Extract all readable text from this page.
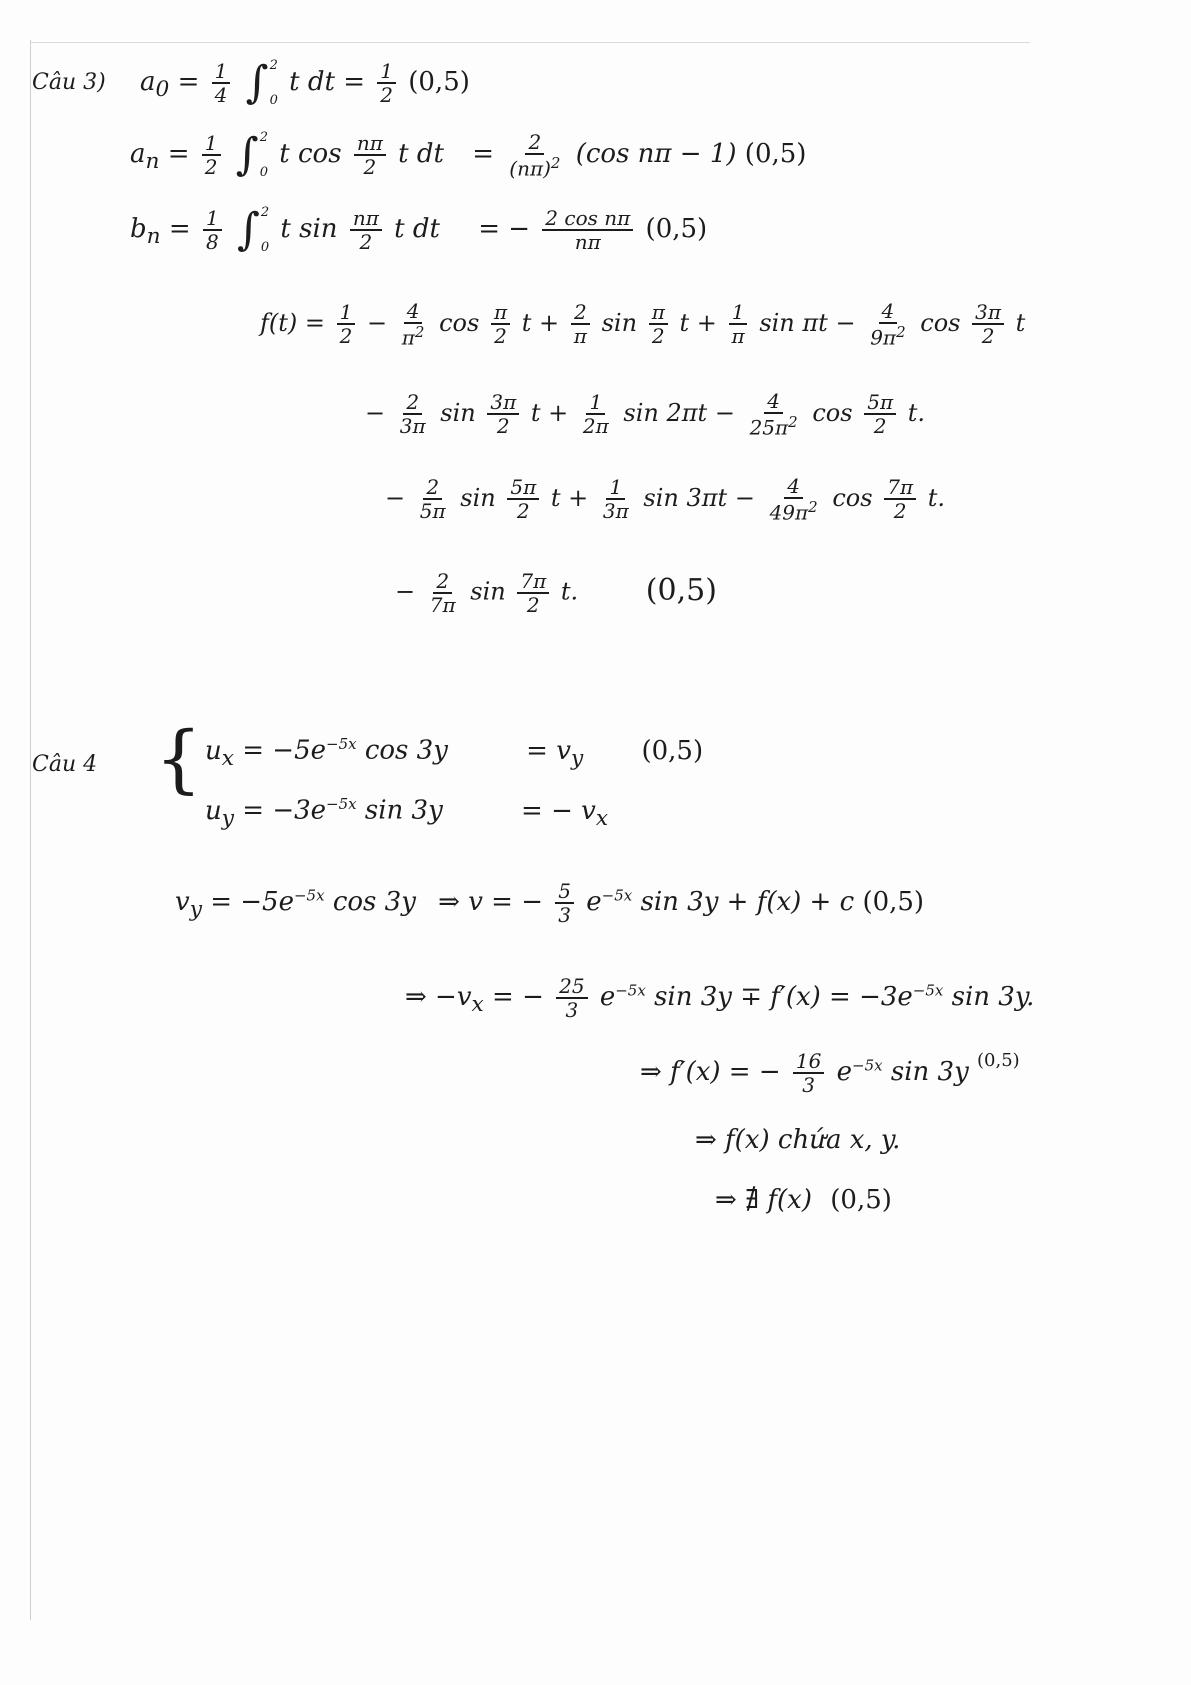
Câu 3) $a_0 = \frac{1}{4}$
∫ 2
0
t dt = $\frac{1}{2} (0,5)$
$a_n = \frac{1}{2}$
∫ 2
0
t $\cos \frac{n\pi}{2}$ t dt = $\frac{2}{(n\pi)^2} (\cos$ nπ − 1) (0,5)
$b_n = \frac{1}{8}$
∫ 2
0
t $\sin \frac{n\pi}{2}$ t dt = − $\frac{\text{2 cos nπ}}{n\pi} (0,5)$
$f(t) = \frac{1}{2} - \frac{4}{\pi^2}$ $\cos \frac{\pi}{2}$ $t + \frac{2}{\pi}$ $\sin \frac{\pi}{2}$ $t + \frac{1}{\pi}$ $\sin \pi t - \frac{4}{9\pi^2}$ $\cos \frac{3\pi}{2}$ t
− $\frac{2}{3\pi}$ $\sin \frac{3\pi}{2}$ $t + \frac{1}{2\pi}$ $\sin 2\pi t - \frac{4}{25\pi^2}$ $\cos \frac{5\pi}{2} t$.
− $\frac{2}{5\pi}$ $\sin \frac{5\pi}{2}$ $t + \frac{1}{3\pi}$ $\sin 3\pi t - \frac{4}{49\pi^2}$ $\cos \frac{7\pi}{2} t$.
− $\frac{2}{7\pi}$ $\sin \frac{7\pi}{2} t$. (0,5)
Câu 4 { $u_x = -5e^{-5x}$ cos 3y	= $v_y$ (0,5)
$u_y = -3e^{-5x}$ sin 3y	= − $v_x$
$v_y = -5e^{-5x}$ cos 3y ⇒ v = − $\frac{5}{3} e^{-5x}$ sin 3y + f(x) + c (0,5)
⇒ $-v_x$ = − $\frac{25}{3} e^{-5x}$ $\sin 3y \mp f'(x) = -3e^{-5x}$ sin 3y.
⇒ f′(x) = − $\frac{16}{3} e^{-5x}$ sin 3y $^{(0,5)}$
⇒ f(x) chứa x, y.
⇒ ∄ f(x) (0,5)
